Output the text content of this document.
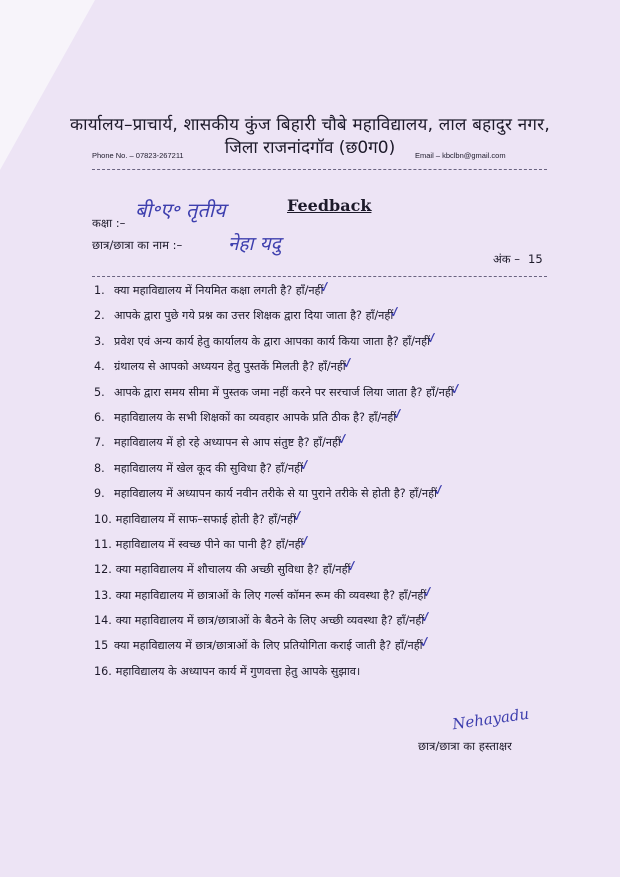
कार्यालय–प्राचार्य, शासकीय कुंज बिहारी चौबे महाविद्यालय, लाल बहादुर नगर,
जिला राजनांदगॉव (छ0ग0)
Phone No. – 07823-267211	Email – kbclbn@gmail.com
Feedback
कक्षा :–
बी॰ए॰ तृतीय
छात्र/छात्रा का नाम :– नेहा यदु
अंक – 15
1. क्या महाविद्यालय में नियमित कक्षा लगती है? हाँ/नहीं✓
2. आपके द्वारा पुछे गये प्रश्न का उत्तर शिक्षक द्वारा दिया जाता है? हाँ/नहीं✓
3. प्रवेश एवं अन्य कार्य हेतु कार्यालय के द्वारा आपका कार्य किया जाता है? हाँ/नहीं✓
4. ग्रंथालय से आपको अध्ययन हेतु पुस्तकें मिलती है? हाँ/नहीं✓
5. आपके द्वारा समय सीमा में पुस्तक जमा नहीं करने पर सरचार्ज लिया जाता है? हाँ/नहीं✓
6. महाविद्यालय के सभी शिक्षकों का व्यवहार आपके प्रति ठीक है? हाँ/नहीं✓
7. महाविद्यालय में हो रहे अध्यापन से आप संतुष्ट है? हाँ/नहीं✓
8. महाविद्यालय में खेल कूद की सुविधा है? हाँ/नहीं✓
9. महाविद्यालय में अध्यापन कार्य नवीन तरीके से या पुराने तरीके से होती है? हाँ/नहीं✓
10. महाविद्यालय में साफ–सफाई होती है? हाँ/नहीं✓
11. महाविद्यालय में स्वच्छ पीने का पानी है? हाँ/नहीं✓
12. क्या महाविद्यालय में शौचालय की अच्छी सुविधा है? हाँ/नहीं✓
13. क्या महाविद्यालय में छात्राओं के लिए गर्ल्स कॉमन रूम की व्यवस्था है? हाँ/नहीं✓
14. क्या महाविद्यालय में छात्र/छात्राओं के बैठने के लिए अच्छी व्यवस्था है? हाँ/नहीं✓
15 क्या महाविद्यालय में छात्र/छात्राओं के लिए प्रतियोगिता कराई जाती है? हाँ/नहीं✓
16. महाविद्यालय के अध्यापन कार्य में गुणवत्ता हेतु आपके सुझाव।
Nehayadu
छात्र/छात्रा का हस्ताक्षर
